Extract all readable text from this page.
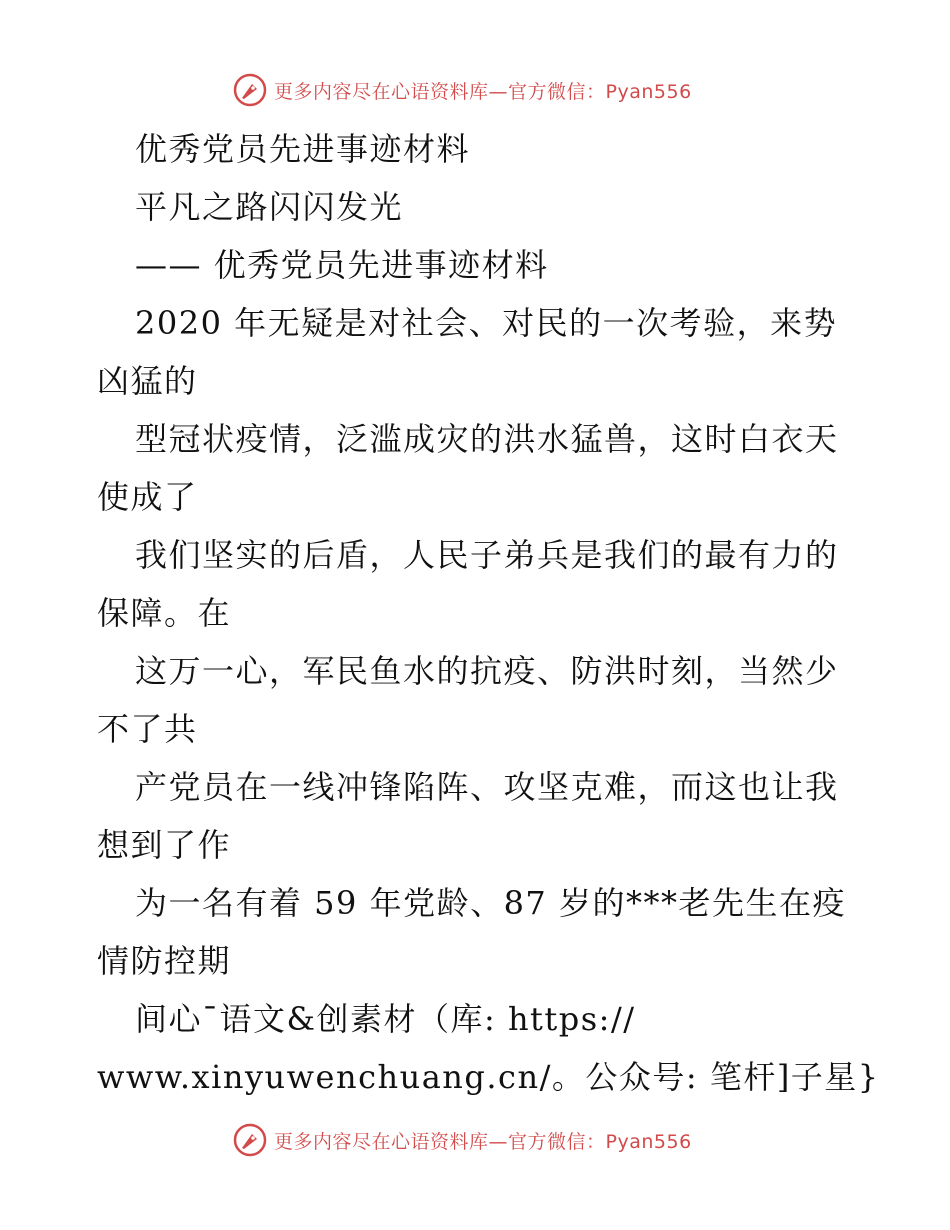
更多内容尽在心语资料库—官方微信：Pyan556
优秀党员先进事迹材料
平凡之路闪闪发光
—— 优秀党员先进事迹材料
2020 年无疑是对社会、对民的一次考验，来势
凶猛的
型冠状疫情，泛滥成灾的洪水猛兽，这时白衣天
使成了
我们坚实的后盾，人民子弟兵是我们的最有力的
保障。在
这万一心，军民鱼水的抗疫、防洪时刻，当然少
不了共
产党员在一线冲锋陷阵、攻坚克难，而这也让我
想到了作
为一名有着 59 年党龄、87 岁的***老先生在疫
情防控期
间心¯语文&创素材（库: https://
www.xinyuwenchuang.cn/。公众号: 笔杆]子星}
更多内容尽在心语资料库—官方微信：Pyan556
